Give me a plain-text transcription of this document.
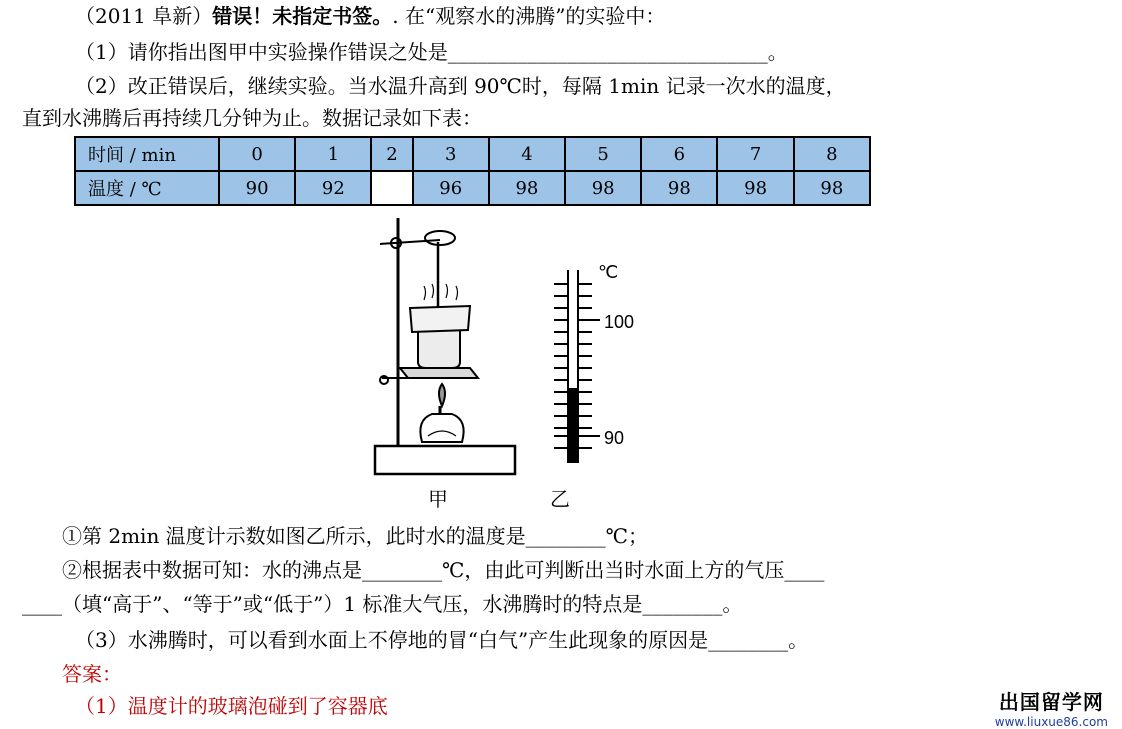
（2011 阜新）错误！未指定书签。. 在“观察水的沸腾”的实验中：
（1）请你指出图甲中实验操作错误之处是________________________________。
（2）改正错误后，继续实验。当水温升高到 90℃时，每隔 1min 记录一次水的温度，
直到水沸腾后再持续几分钟为止。数据记录如下表：
时间 / min	0	1	2	3	4	5	6	7	8
温度 / ℃	90	92		96	98	98	98	98	98
℃
100
90
甲	乙
①第 2min 温度计示数如图乙所示，此时水的温度是________℃；
②根据表中数据可知：水的沸点是________℃，由此可判断出当时水面上方的气压____
____（填“高于”、“等于”或“低于”）1 标准大气压，水沸腾时的特点是________。
（3）水沸腾时，可以看到水面上不停地的冒“白气”产生此现象的原因是________。
答案：
（1）温度计的玻璃泡碰到了容器底	出国留学网
www.liuxue86.com
